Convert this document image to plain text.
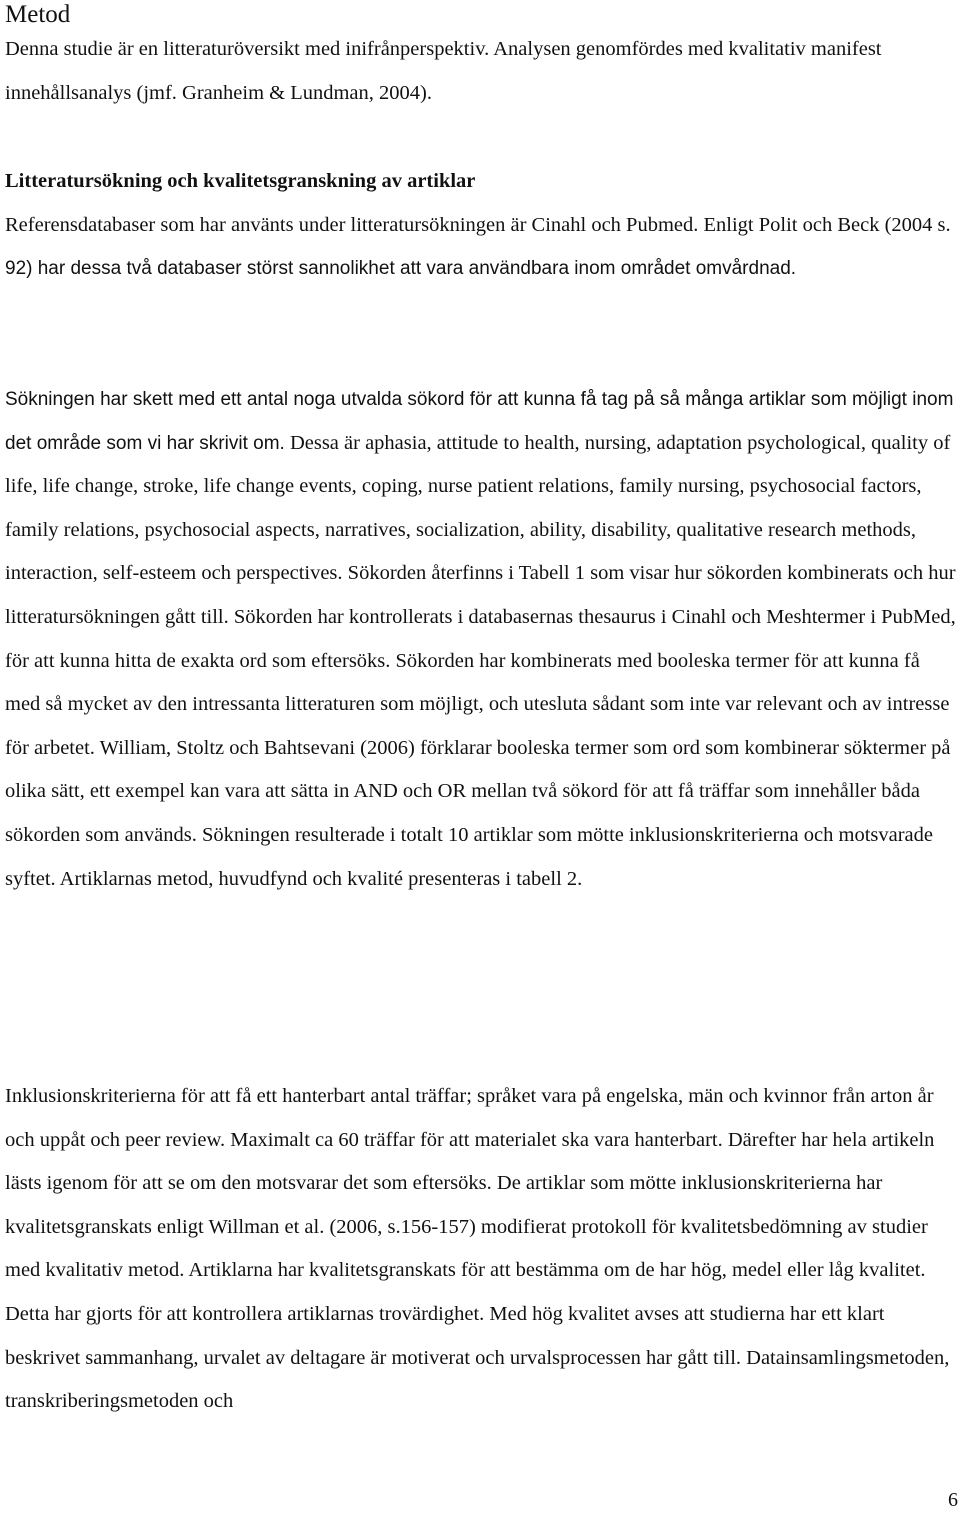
Metod

Denna studie är en litteraturöversikt med inifrånperspektiv. Analysen genomfördes med kvalitativ manifest innehållsanalys (jmf. Granheim & Lundman, 2004).

Litteratursökning och kvalitetsgranskning av artiklar

Referensdatabaser som har använts under litteratursökningen är Cinahl och Pubmed. Enligt Polit och Beck (2004 s. 92) har dessa två databaser störst sannolikhet att vara användbara inom området omvårdnad.

Sökningen har skett med ett antal noga utvalda sökord för att kunna få tag på så många artiklar som möjligt inom det område som vi har skrivit om. Dessa är aphasia, attitude to health, nursing, adaptation psychological, quality of life, life change, stroke, life change events, coping, nurse patient relations, family nursing, psychosocial factors, family relations, psychosocial aspects, narratives, socialization, ability, disability, qualitative research methods, interaction, self-esteem och perspectives. Sökorden återfinns i Tabell 1 som visar hur sökorden kombinerats och hur litteratursökningen gått till. Sökorden har kontrollerats i databasernas thesaurus i Cinahl och Meshtermer i PubMed, för att kunna hitta de exakta ord som eftersöks. Sökorden har kombinerats med booleska termer för att kunna få med så mycket av den intressanta litteraturen som möjligt, och utesluta sådant som inte var relevant och av intresse för arbetet. William, Stoltz och Bahtsevani (2006) förklarar booleska termer som ord som kombinerar söktermer på olika sätt, ett exempel kan vara att sätta in AND och OR mellan två sökord för att få träffar som innehåller båda sökorden som används. Sökningen resulterade i totalt 10 artiklar som mötte inklusionskriterierna och motsvarade syftet. Artiklarnas metod, huvudfynd och kvalité presenteras i tabell 2.

Inklusionskriterierna för att få ett hanterbart antal träffar; språket vara på engelska, män och kvinnor från arton år och uppåt och peer review. Maximalt ca 60 träffar för att materialet ska vara hanterbart. Därefter har hela artikeln lästs igenom för att se om den motsvarar det som eftersöks. De artiklar som mötte inklusionskriterierna har kvalitetsgranskats enligt Willman et al. (2006, s.156-157) modifierat protokoll för kvalitetsbedömning av studier med kvalitativ metod. Artiklarna har kvalitetsgranskats för att bestämma om de har hög, medel eller låg kvalitet. Detta har gjorts för att kontrollera artiklarnas trovärdighet. Med hög kvalitet avses att studierna har ett klart beskrivet sammanhang, urvalet av deltagare är motiverat och urvalsprocessen har gått till. Datainsamlingsmetoden, transkriberingsmetoden och

6
